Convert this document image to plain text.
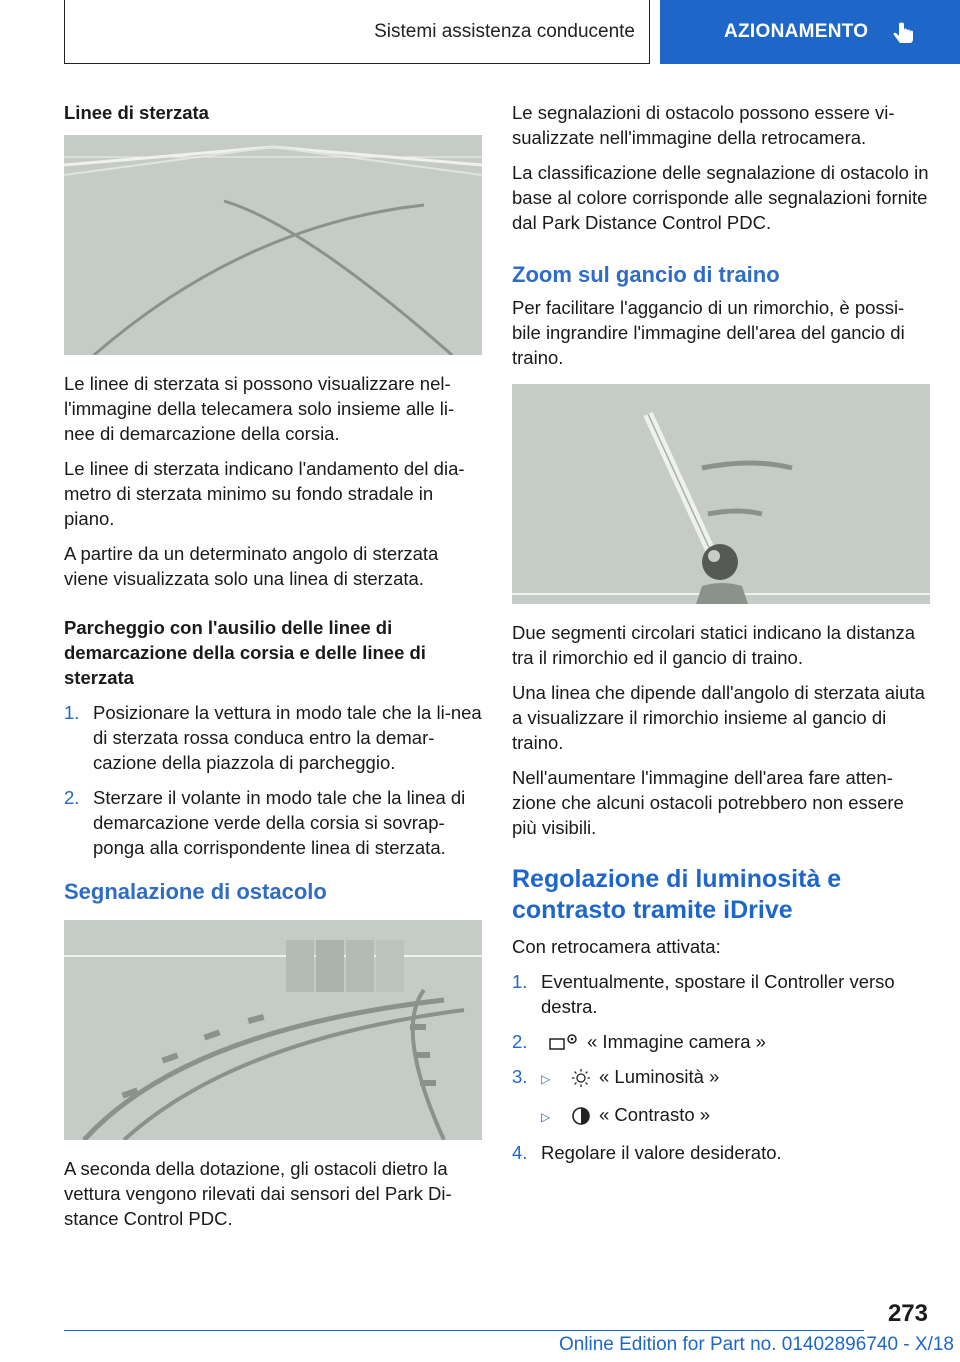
Sistemi assistenza conducente	AZIONAMENTO
Linee di sterzata

Le linee di sterzata si possono visualizzare nel-l'immagine della telecamera solo insieme alle li-nee di demarcazione della corsia.

Le linee di sterzata indicano l'andamento del dia-metro di sterzata minimo su fondo stradale in piano.

A partire da un determinato angolo di sterzata viene visualizzata solo una linea di sterzata.

Parcheggio con l'ausilio delle linee di demarcazione della corsia e delle linee di sterzata
1. Posizionare la vettura in modo tale che la li-nea di sterzata rossa conduca entro la demar-cazione della piazzola di parcheggio.
2. Sterzare il volante in modo tale che la linea di demarcazione verde della corsia si sovrap-ponga alla corrispondente linea di sterzata.
Segnalazione di ostacolo

A seconda della dotazione, gli ostacoli dietro la vettura vengono rilevati dai sensori del Park Di-stance Control PDC.

Le segnalazioni di ostacolo possono essere vi-sualizzate nell'immagine della retrocamera.

La classificazione delle segnalazione di ostacolo in base al colore corrisponde alle segnalazioni fornite dal Park Distance Control PDC.

Zoom sul gancio di traino

Per facilitare l'aggancio di un rimorchio, è possi-bile ingrandire l'immagine dell'area del gancio di traino.

Due segmenti circolari statici indicano la distanza tra il rimorchio ed il gancio di traino.

Una linea che dipende dall'angolo di sterzata aiuta a visualizzare il rimorchio insieme al gancio di traino.

Nell'aumentare l'immagine dell'area fare atten-zione che alcuni ostacoli potrebbero non essere più visibili.

Regolazione di luminosità e contrasto tramite iDrive

Con retrocamera attivata:

1. Eventualmente, spostare il Controller verso destra.
2.	« Immagine camera »
3. ▷	« Luminosità »
▷	« Contrasto »
4. Regolare il valore desiderato.
273
Online Edition for Part no. 01402896740 - X/18
